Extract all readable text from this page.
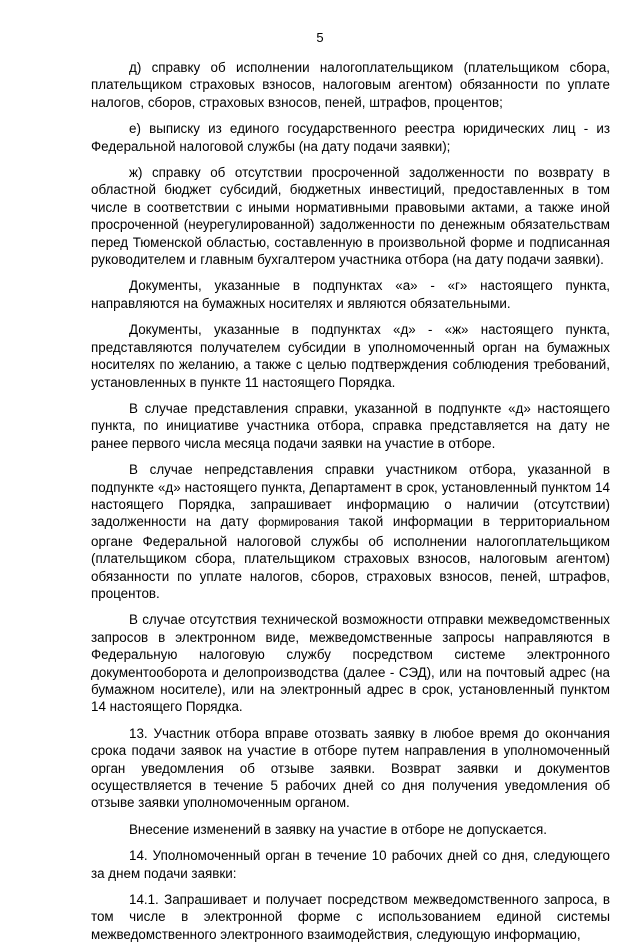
5

д) справку об исполнении налогоплательщиком (плательщиком сбора, плательщиком страховых взносов, налоговым агентом) обязанности по уплате налогов, сборов, страховых взносов, пеней, штрафов, процентов;

е) выписку из единого государственного реестра юридических лиц - из Федеральной налоговой службы (на дату подачи заявки);

ж) справку об отсутствии просроченной задолженности по возврату в областной бюджет субсидий, бюджетных инвестиций, предоставленных в том числе в соответствии с иными нормативными правовыми актами, а также иной просроченной (неурегулированной) задолженности по денежным обязательствам перед Тюменской областью, составленную в произвольной форме и подписанная руководителем и главным бухгалтером участника отбора (на дату подачи заявки).

Документы, указанные в подпунктах «а» - «г» настоящего пункта, направляются на бумажных носителях и являются обязательными.

Документы, указанные в подпунктах «д» - «ж» настоящего пункта, представляются получателем субсидии в уполномоченный орган на бумажных носителях по желанию, а также с целью подтверждения соблюдения требований, установленных в пункте 11 настоящего Порядка.

В случае представления справки, указанной в подпункте «д» настоящего пункта, по инициативе участника отбора, справка представляется на дату не ранее первого числа месяца подачи заявки на участие в отборе.

В случае непредставления справки участником отбора, указанной в подпункте «д» настоящего пункта, Департамент в срок, установленный пунктом 14 настоящего Порядка, запрашивает информацию о наличии (отсутствии) задолженности на дату формирования такой информации в территориальном органе Федеральной налоговой службы об исполнении налогоплательщиком (плательщиком сбора, плательщиком страховых взносов, налоговым агентом) обязанности по уплате налогов, сборов, страховых взносов, пеней, штрафов, процентов.

В случае отсутствия технической возможности отправки межведомственных запросов в электронном виде, межведомственные запросы направляются в Федеральную налоговую службу посредством системе электронного документооборота и делопроизводства (далее - СЭД), или на почтовый адрес (на бумажном носителе), или на электронный адрес в срок, установленный пунктом 14 настоящего Порядка.

13. Участник отбора вправе отозвать заявку в любое время до окончания срока подачи заявок на участие в отборе путем направления в уполномоченный орган уведомления об отзыве заявки. Возврат заявки и документов осуществляется в течение 5 рабочих дней со дня получения уведомления об отзыве заявки уполномоченным органом.

Внесение изменений в заявку на участие в отборе не допускается.

14. Уполномоченный орган в течение 10 рабочих дней со дня, следующего за днем подачи заявки:

14.1. Запрашивает и получает посредством межведомственного запроса, в том числе в электронной форме с использованием единой системы межведомственного электронного взаимодействия, следующую информацию,
